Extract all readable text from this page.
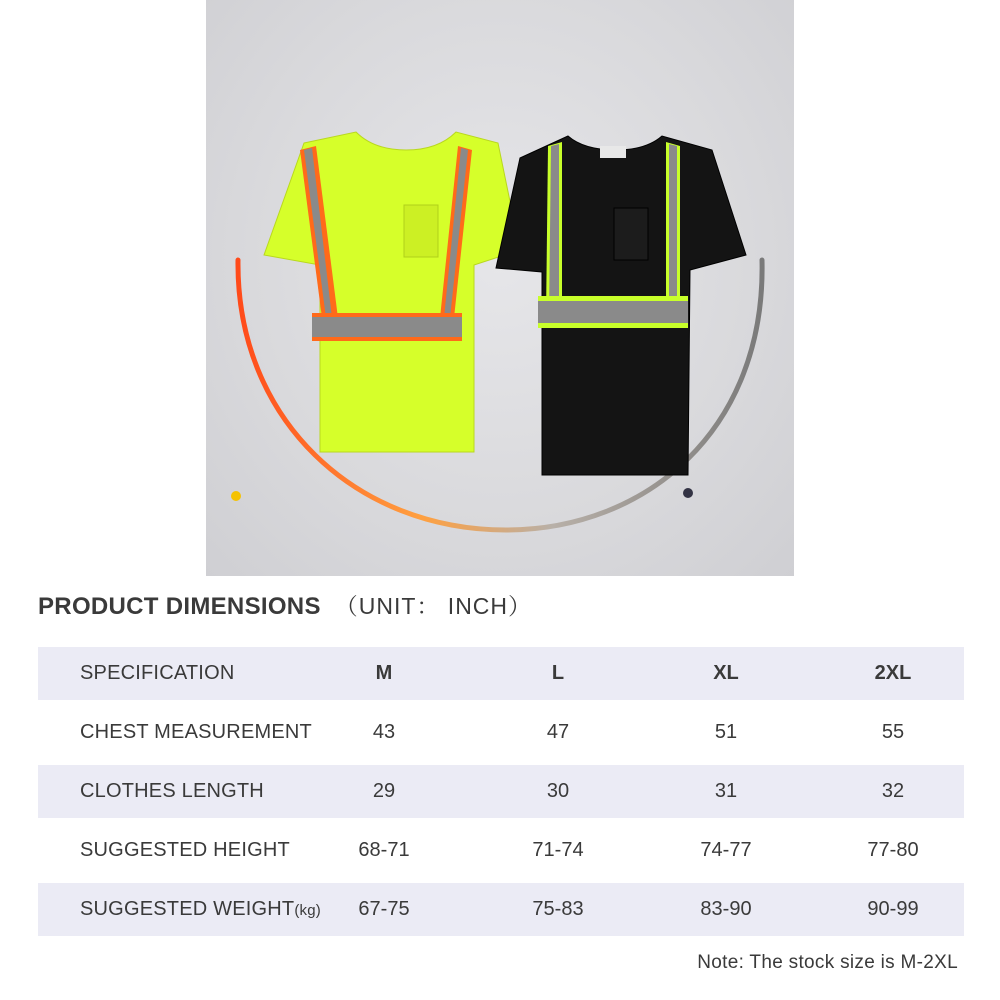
PRODUCT DIMENSIONS （UNIT： INCH）
SPECIFICATION	M	L	XL	2XL
CHEST MEASUREMENT	43	47	51	55
CLOTHES LENGTH	29	30	31	32
SUGGESTED HEIGHT	68-71	71-74	74-77	77-80
SUGGESTED WEIGHT(kg)	67-75	75-83	83-90	90-99
Note: The stock size is M-2XL
